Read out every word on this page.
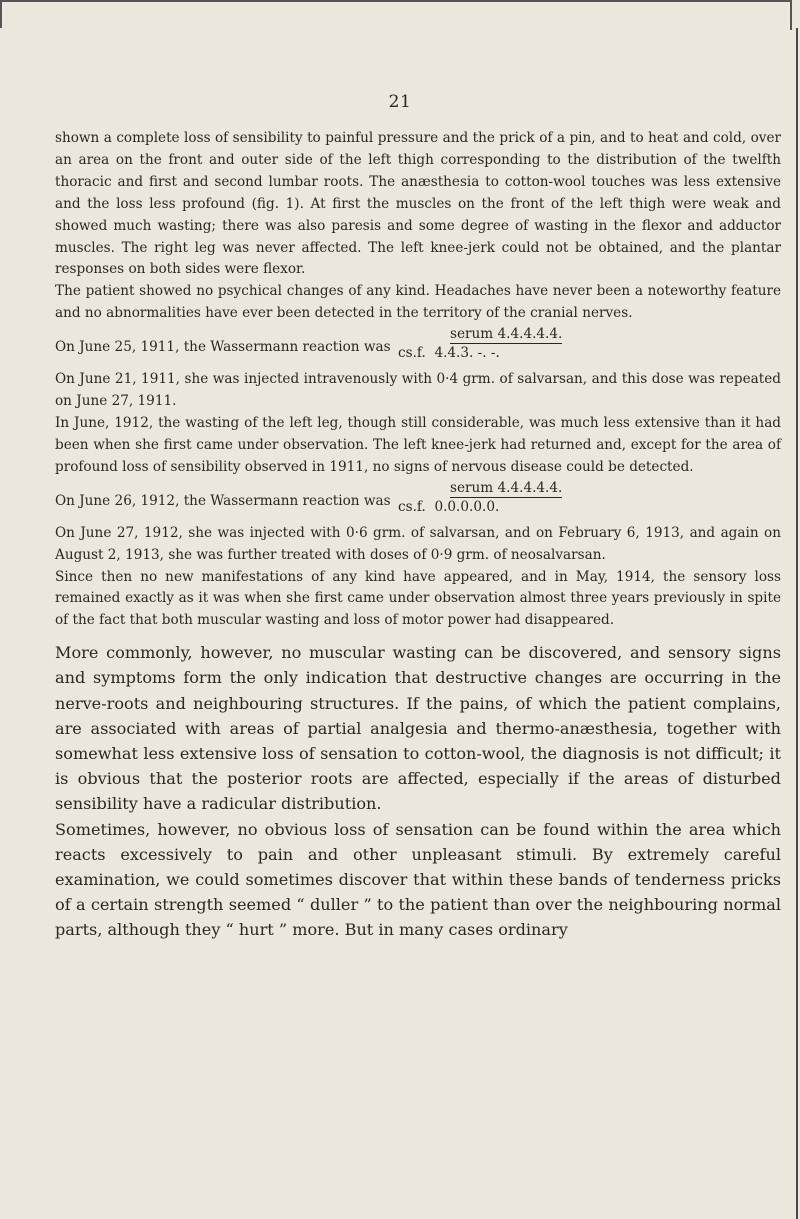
21

shown a complete loss of sensibility to painful pressure and the prick of a pin, and to heat and cold, over an area on the front and outer side of the left thigh corresponding to the distribution of the twelfth thoracic and first and second lumbar roots. The anæsthesia to cotton-wool touches was less extensive and the loss less profound (fig. 1). At first the muscles on the front of the left thigh were weak and showed much wasting; there was also paresis and some degree of wasting in the flexor and adductor muscles. The right leg was never affected. The left knee-jerk could not be obtained, and the plantar responses on both sides were flexor.

The patient showed no psychical changes of any kind. Headaches have never been a noteworthy feature and no abnormalities have ever been detected in the territory of the cranial nerves.

On June 25, 1911, the Wassermann reaction was
serum 4.4.4.4.4.
cs.f. 4.4.3. -. -.

On June 21, 1911, she was injected intravenously with 0·4 grm. of salvarsan, and this dose was repeated on June 27, 1911.

In June, 1912, the wasting of the left leg, though still considerable, was much less extensive than it had been when she first came under observation. The left knee-jerk had returned and, except for the area of profound loss of sensibility observed in 1911, no signs of nervous disease could be detected.

On June 26, 1912, the Wassermann reaction was
serum 4.4.4.4.4.
cs.f. 0.0.0.0.0.

On June 27, 1912, she was injected with 0·6 grm. of salvarsan, and on February 6, 1913, and again on August 2, 1913, she was further treated with doses of 0·9 grm. of neosalvarsan.

Since then no new manifestations of any kind have appeared, and in May, 1914, the sensory loss remained exactly as it was when she first came under observation almost three years previously in spite of the fact that both muscular wasting and loss of motor power had disappeared.

More commonly, however, no muscular wasting can be discovered, and sensory signs and symptoms form the only indication that destructive changes are occurring in the nerve-roots and neighbouring structures. If the pains, of which the patient complains, are associated with areas of partial analgesia and thermo-anæsthesia, together with somewhat less extensive loss of sensation to cotton-wool, the diagnosis is not difficult; it is obvious that the posterior roots are affected, especially if the areas of disturbed sensibility have a radicular distribution.

Sometimes, however, no obvious loss of sensation can be found within the area which reacts excessively to pain and other unpleasant stimuli. By extremely careful examination, we could sometimes discover that within these bands of tenderness pricks of a certain strength seemed “ duller ” to the patient than over the neighbouring normal parts, although they “ hurt ” more. But in many cases ordinary
